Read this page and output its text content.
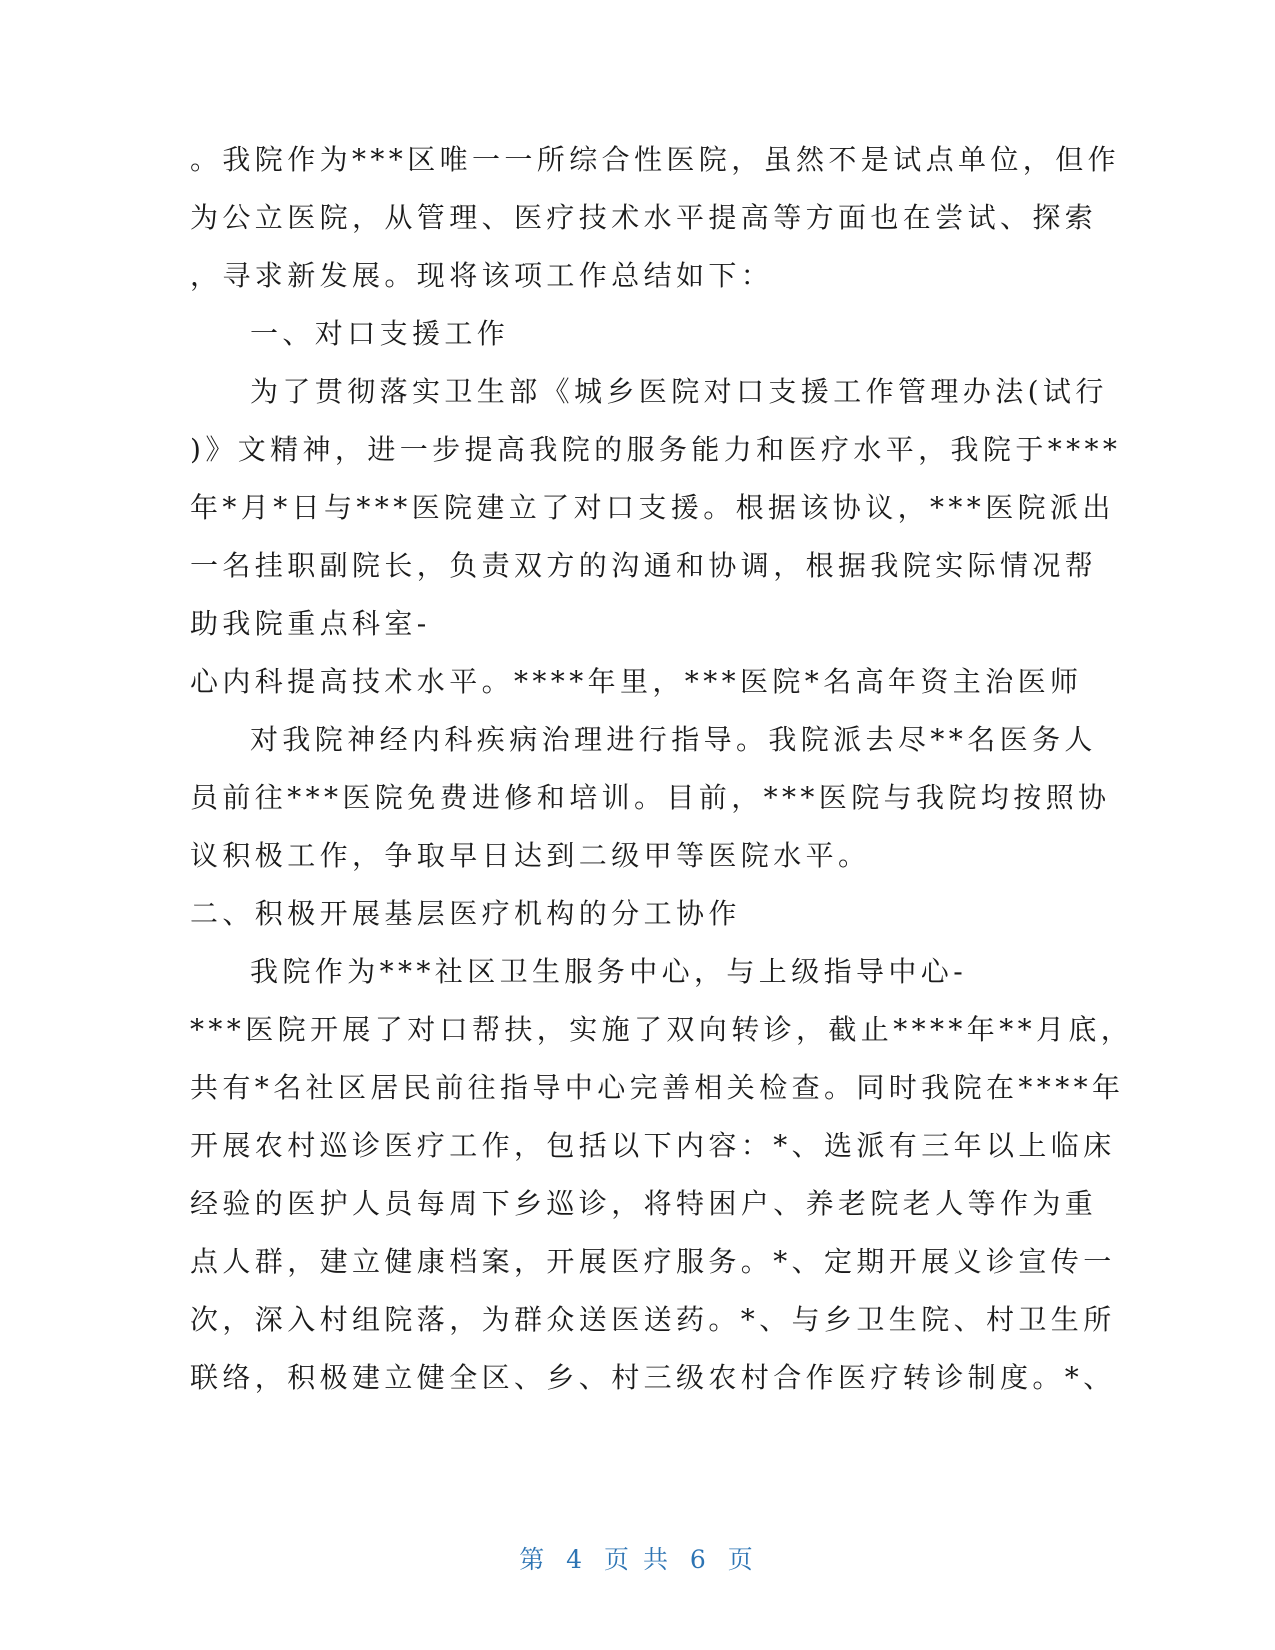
。我院作为***区唯一一所综合性医院，虽然不是试点单位，但作
为公立医院，从管理、医疗技术水平提高等方面也在尝试、探索
，寻求新发展。现将该项工作总结如下：
一、对口支援工作
为了贯彻落实卫生部《城乡医院对口支援工作管理办法(试行
)》文精神，进一步提高我院的服务能力和医疗水平，我院于****
年*月*日与***医院建立了对口支援。根据该协议，***医院派出
一名挂职副院长，负责双方的沟通和协调，根据我院实际情况帮
助我院重点科室-
心内科提高技术水平。****年里，***医院*名高年资主治医师
对我院神经内科疾病治理进行指导。我院派去尽**名医务人
员前往***医院免费进修和培训。目前，***医院与我院均按照协
议积极工作，争取早日达到二级甲等医院水平。
二、积极开展基层医疗机构的分工协作
我院作为***社区卫生服务中心，与上级指导中心-
***医院开展了对口帮扶，实施了双向转诊，截止****年**月底，
共有*名社区居民前往指导中心完善相关检查。同时我院在****年
开展农村巡诊医疗工作，包括以下内容：*、选派有三年以上临床
经验的医护人员每周下乡巡诊，将特困户、养老院老人等作为重
点人群，建立健康档案，开展医疗服务。*、定期开展义诊宣传一
次，深入村组院落，为群众送医送药。*、与乡卫生院、村卫生所
联络，积极建立健全区、乡、村三级农村合作医疗转诊制度。*、
第 4 页 共 6 页
